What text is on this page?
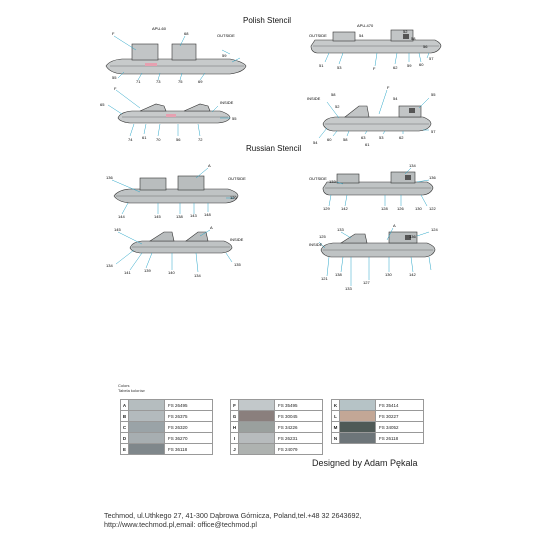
Polish Stencil
Russian Stencil
F
APU-60
68	OUTSIDE
59
55
71	73	75	69
F
65	INSIDE
74 61 70	56	72
55
APU-470
OUTSIDE	54
52
58
56
57
51	53	F	62 59 60
INSIDE
58
F
52
54
55
54
60	58	63	53	62
57
61
A
OUTSIDE
136
144	145	138 143 148
120
145	A
INSIDE
134
141	139	140
134
135
OUTSIDE
133
134
136
129	142	128 126	130 122
A
133	124
125
INSIDE
136
138
121
127
130
133
142
Colors
Tabela kolorów
A		FS 26495
B		FS 26375
C		FS 26320
D		FS 36270
E		FS 36118
F		FS 35495
G		FS 30045
H		FS 34226
I		FS 26231
J		FS 24079
K		FS 35414
L		FS 30227
M		FS 34052
N		FS 26118
Designed by Adam Pękala
Techmod, ul.Uthkego 27, 41-300 Dąbrowa Górnicza, Poland,tel.+48 32 2643692,
http://www.techmod.pl,email: office@techmod.pl
